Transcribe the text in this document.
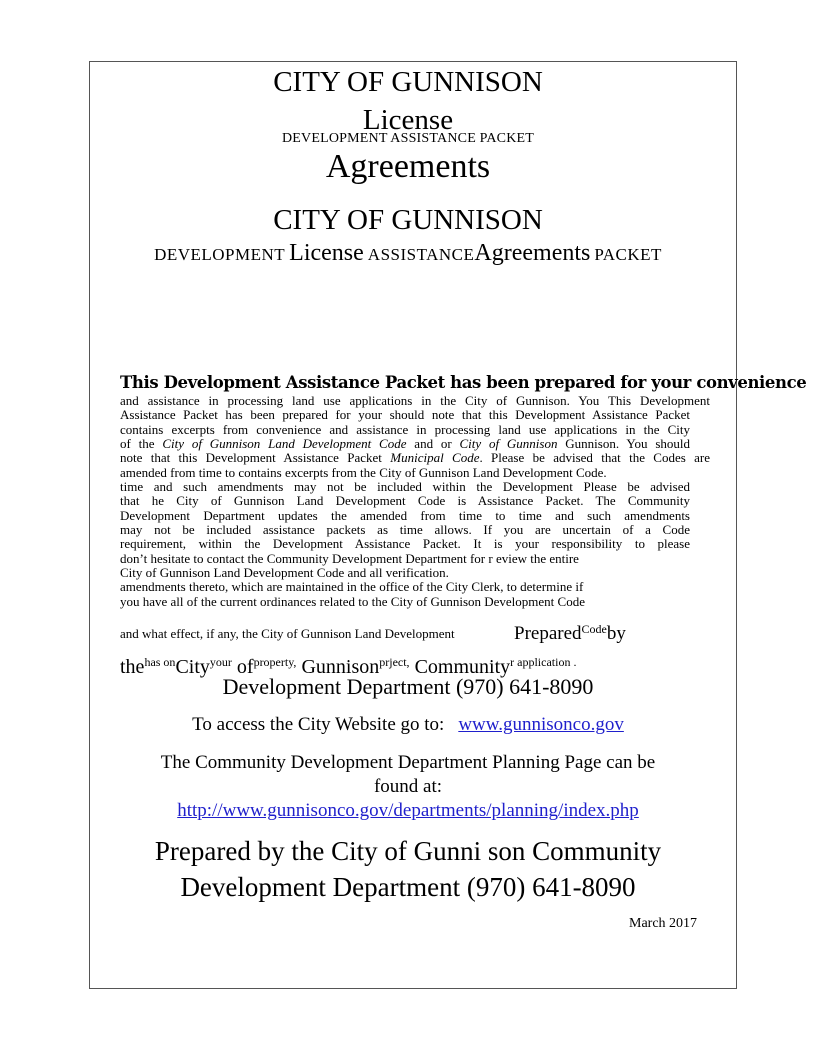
CITY OF GUNNISON
License
DEVELOPMENT ASSISTANCE PACKET
Agreements
CITY OF GUNNISON
DEVELOPMENT License ASSISTANCEAgreements PACKET
This Development Assistance Packet has been prepared for your convenience
and assistance in processing land use applications in the City of Gunnison. You This Development
Assistance Packet has been prepared for your should note that this Development Assistance Packet
contains excerpts from convenience and assistance in processing land use applications in the City
of the City of Gunnison Land Development Code and or City of Gunnison Gunnison. You should
note that this Development Assistance Packet Municipal Code. Please be advised that the Codes are
amended from time to contains excerpts from the City of Gunnison Land Development Code.
time and such amendments may not be included within the Development Please be advised
that he City of Gunnison Land Development Code is Assistance Packet. The Community
Development Department updates the amended from time to time and such amendments
may not be included assistance packets as time allows. If you are uncertain of a Code
requirement, within the Development Assistance Packet. It is your responsibility to please
don’t hesitate to contact the Community Development Department for r eview the entire
City of Gunnison Land Development Code and all verification.
amendments thereto, which are maintained in the office of the City Clerk, to determine if
you have all of the current ordinances related to the City of Gunnison Development Code
and what effect, if any, the City of Gunnison Land Development	Prepared$^{Code}$by
the$^{has on}$City$^{your}$ $of^{property,}$ Gunnison$^{prject,}$ Community$^{r application}$ .
Development Department (970) 641-8090
To access the City Website go to: www.gunnisonco.gov
The Community Development Department Planning Page can be
found at:
http://www.gunnisonco.gov/departments/planning/index.php
Prepared by the City of Gunni son Community
Development Department (970) 641-8090
March 2017
